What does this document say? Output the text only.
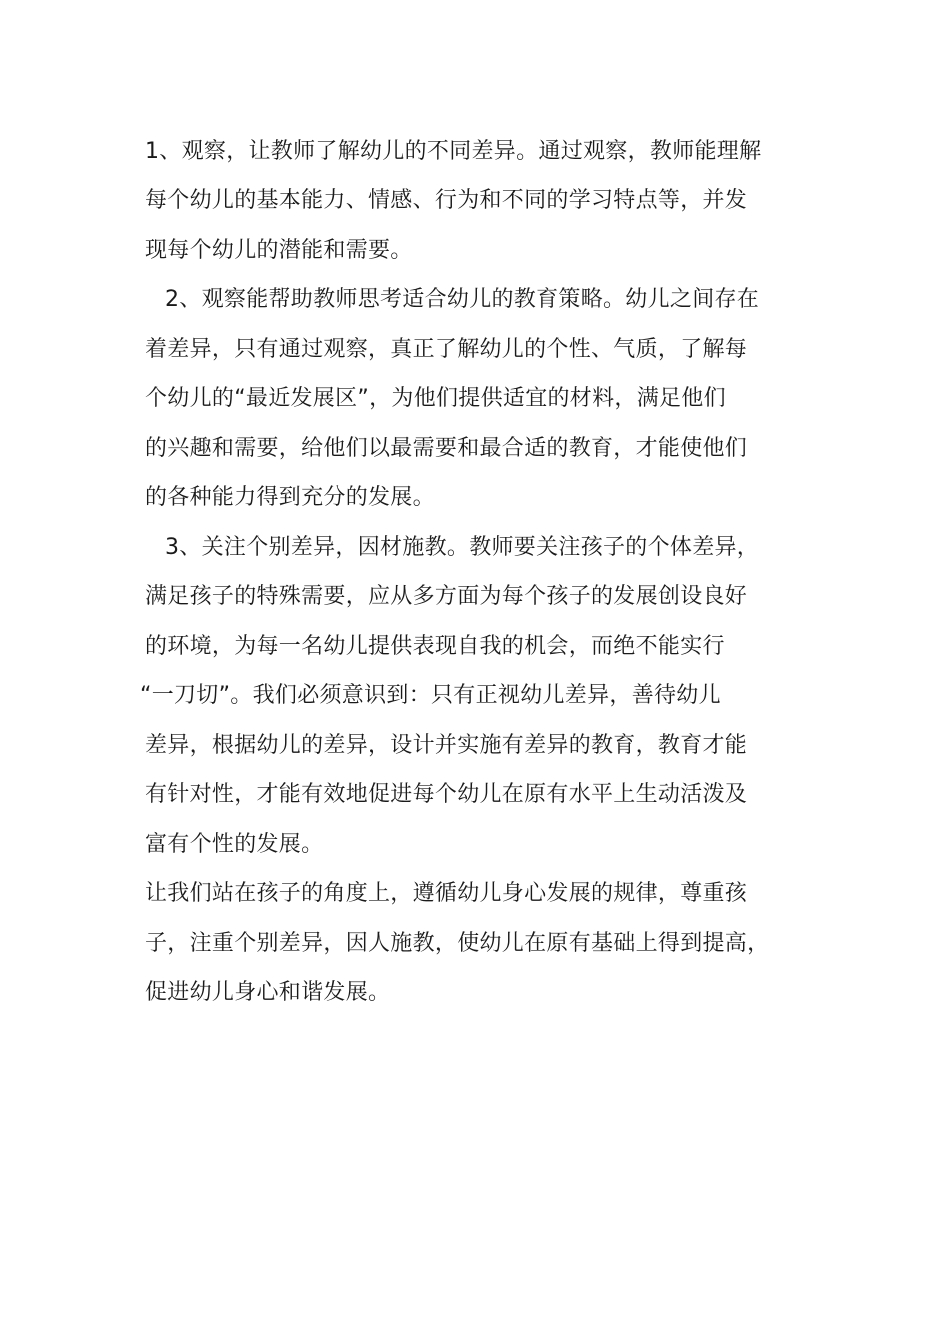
1、观察，让教师了解幼儿的不同差异。通过观察，教师能理解
每个幼儿的基本能力、情感、行为和不同的学习特点等，并发
现每个幼儿的潜能和需要。
2、观察能帮助教师思考适合幼儿的教育策略。幼儿之间存在
着差异，只有通过观察，真正了解幼儿的个性、气质，了解每
个幼儿的“最近发展区”，为他们提供适宜的材料，满足他们
的兴趣和需要，给他们以最需要和最合适的教育，才能使他们
的各种能力得到充分的发展。
3、关注个别差异，因材施教。教师要关注孩子的个体差异，
满足孩子的特殊需要，应从多方面为每个孩子的发展创设良好
的环境，为每一名幼儿提供表现自我的机会，而绝不能实行
“一刀切”。我们必须意识到：只有正视幼儿差异，善待幼儿
差异，根据幼儿的差异，设计并实施有差异的教育，教育才能
有针对性，才能有效地促进每个幼儿在原有水平上生动活泼及
富有个性的发展。
让我们站在孩子的角度上，遵循幼儿身心发展的规律，尊重孩
子，注重个别差异，因人施教，使幼儿在原有基础上得到提高，
促进幼儿身心和谐发展。
